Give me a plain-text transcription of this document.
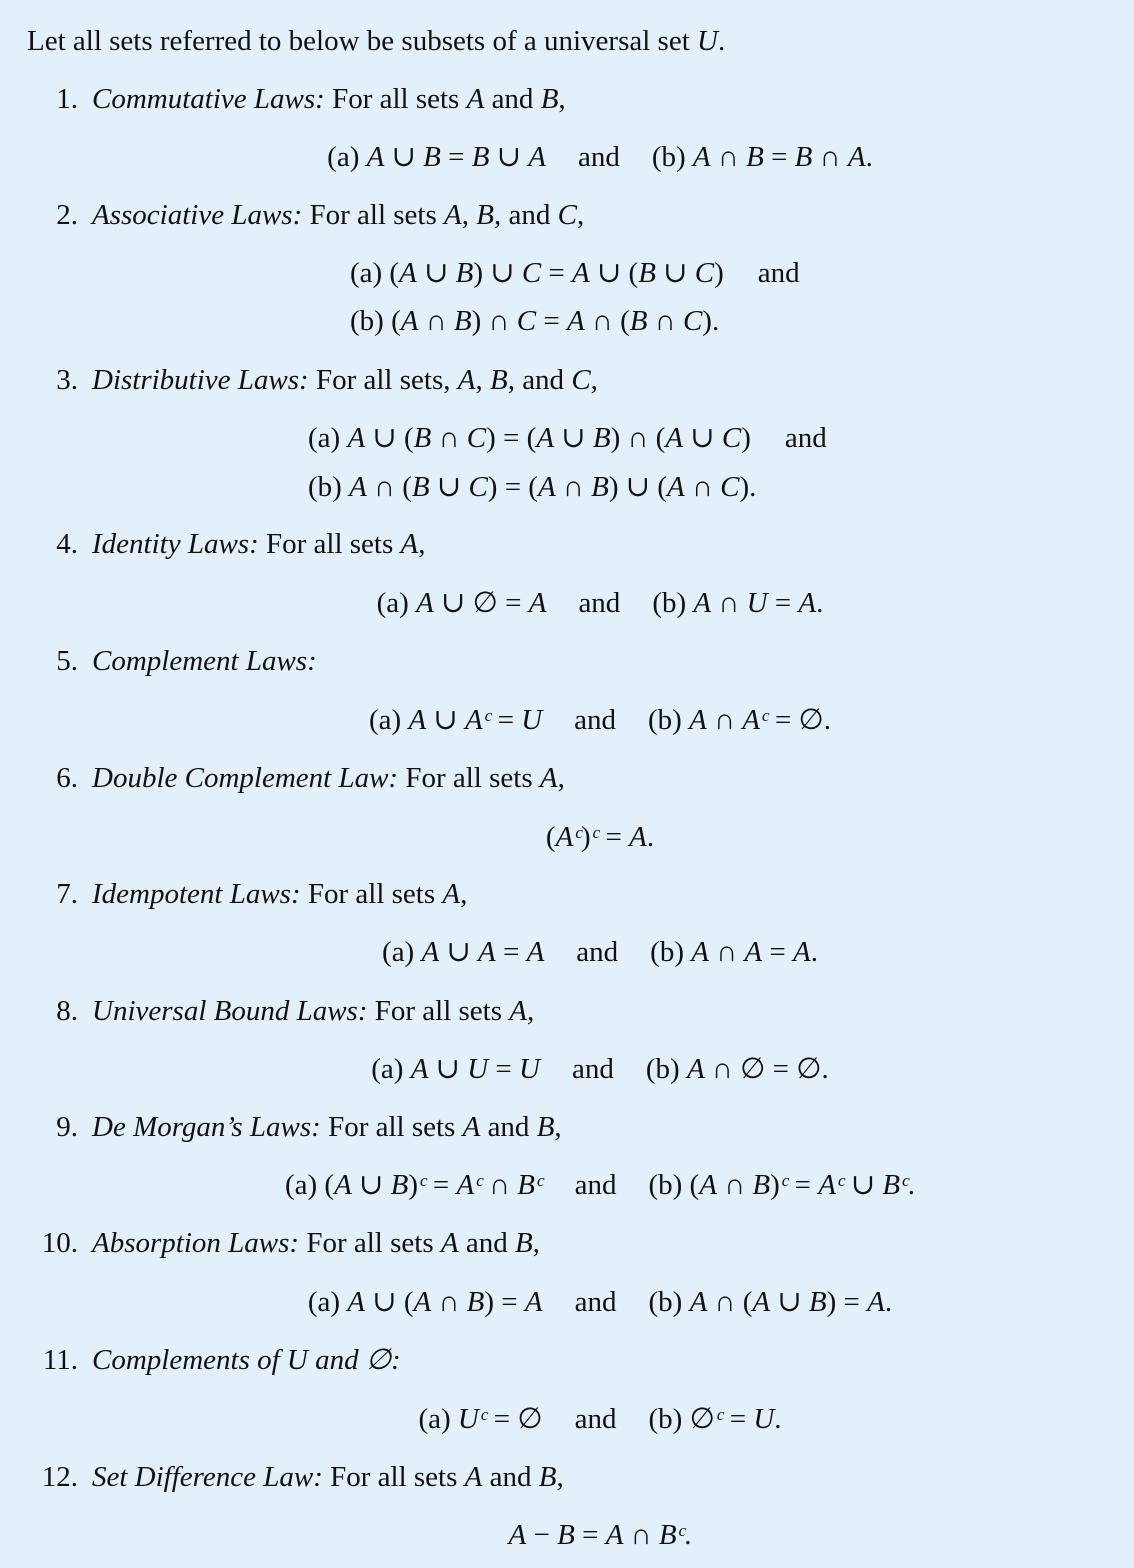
Let all sets referred to below be subsets of a universal set U.
1. Commutative Laws: For all sets A and B,
(a) A ∪ B = B ∪ A and (b) A ∩ B = B ∩ A.
2. Associative Laws: For all sets A, B, and C,
(a) (A ∪ B) ∪ C = A ∪ (B ∪ C) and
(b) (A ∩ B) ∩ C = A ∩ (B ∩ C).
3. Distributive Laws: For all sets, A, B, and C,
(a) A ∪ (B ∩ C) = (A ∪ B) ∩ (A ∪ C) and
(b) A ∩ (B ∪ C) = (A ∩ B) ∪ (A ∩ C).
4. Identity Laws: For all sets A,
(a) A ∪ ∅ = A and (b) A ∩ U = A.
5. Complement Laws:
(a) A ∪ Aᶜ = U and (b) A ∩ Aᶜ = ∅.
6. Double Complement Law: For all sets A,
(Aᶜ)ᶜ = A.
7. Idempotent Laws: For all sets A,
(a) A ∪ A = A and (b) A ∩ A = A.
8. Universal Bound Laws: For all sets A,
(a) A ∪ U = U and (b) A ∩ ∅ = ∅.
9. De Morgan’s Laws: For all sets A and B,
(a) (A ∪ B)ᶜ = Aᶜ ∩ Bᶜ and (b) (A ∩ B)ᶜ = Aᶜ ∪ Bᶜ.
10. Absorption Laws: For all sets A and B,
(a) A ∪ (A ∩ B) = A and (b) A ∩ (A ∪ B) = A.
11. Complements of U and ∅:
(a) Uᶜ = ∅ and (b) ∅ᶜ = U.
12. Set Difference Law: For all sets A and B,
A − B = A ∩ Bᶜ.
